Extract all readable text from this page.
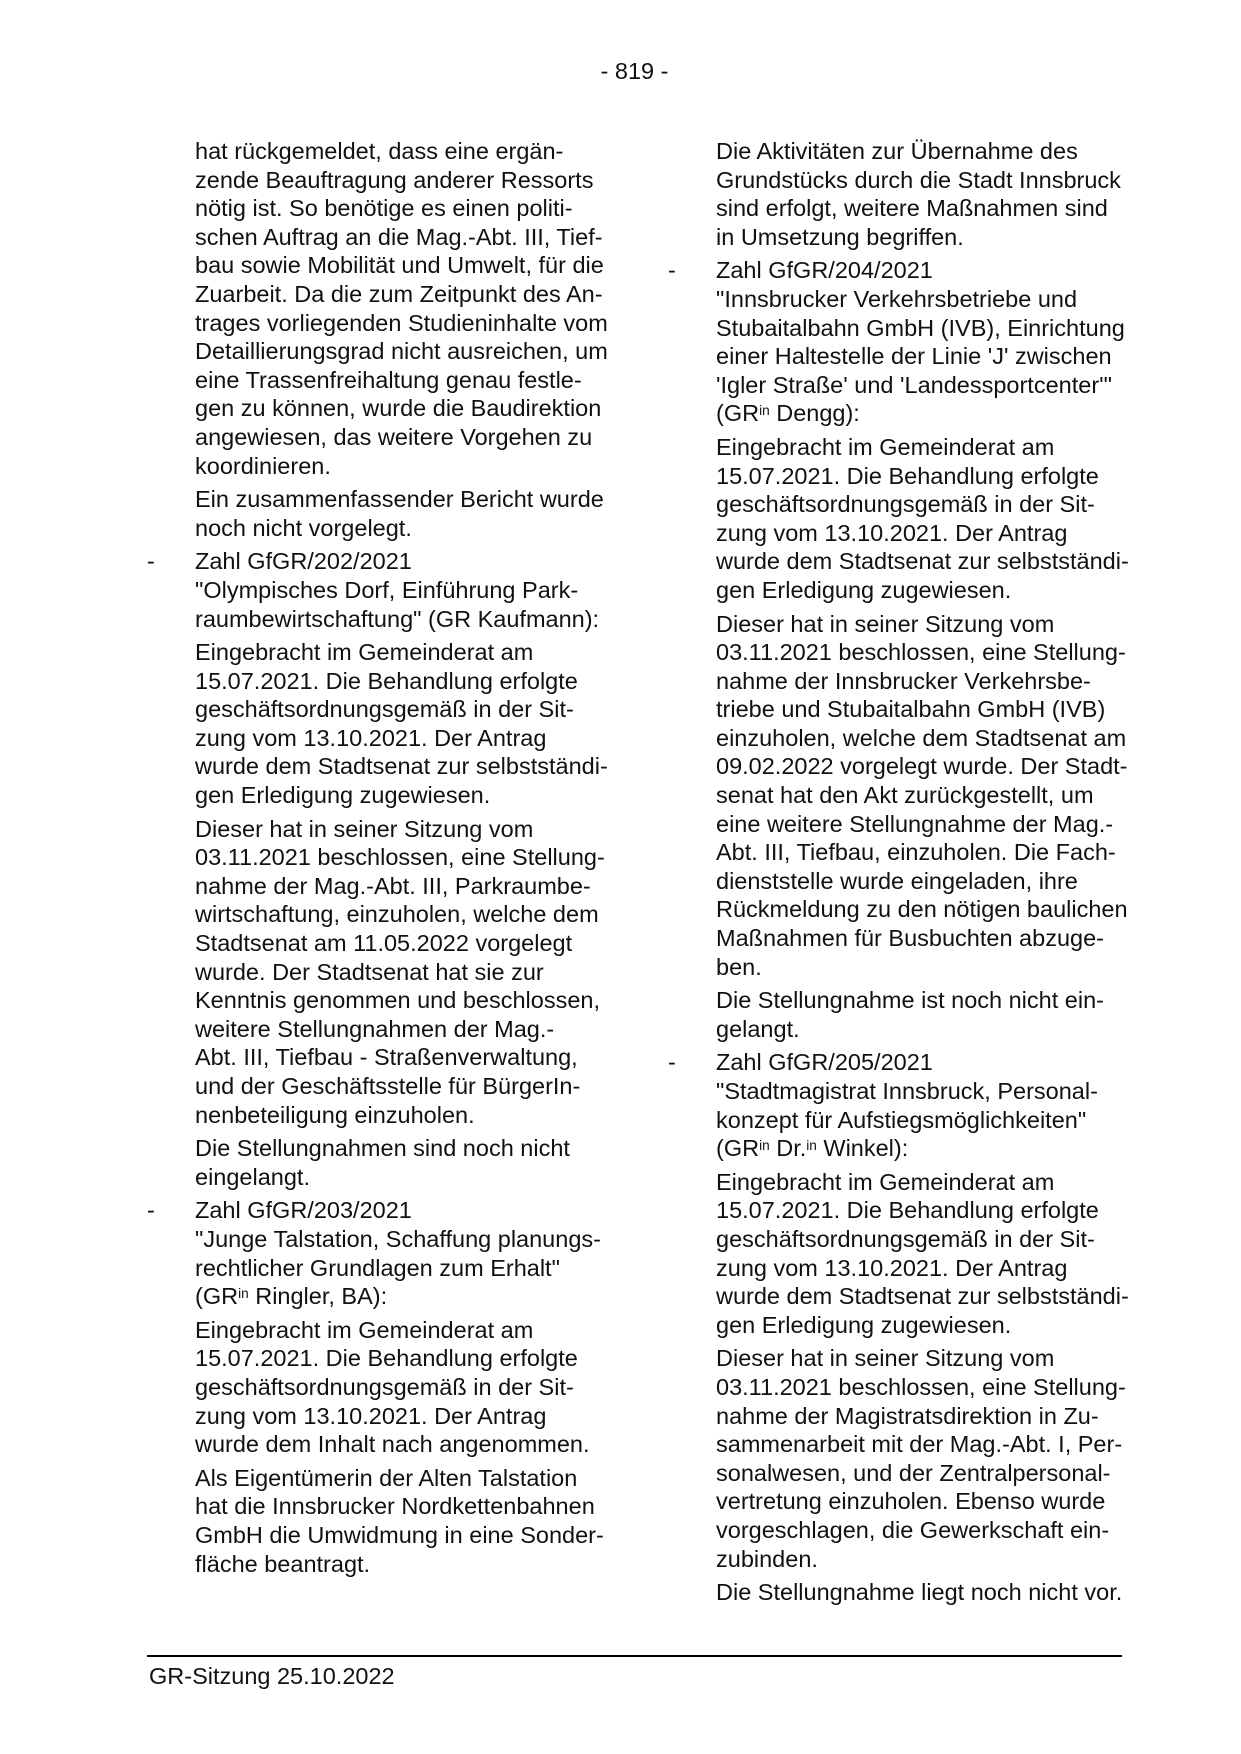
- 819 -
hat rückgemeldet, dass eine ergän-
zende Beauftragung anderer Ressorts
nötig ist. So benötige es einen politi-
schen Auftrag an die Mag.-Abt. III, Tief-
bau sowie Mobilität und Umwelt, für die
Zuarbeit. Da die zum Zeitpunkt des An-
trages vorliegenden Studieninhalte vom
Detaillierungsgrad nicht ausreichen, um
eine Trassenfreihaltung genau festle-
gen zu können, wurde die Baudirektion
angewiesen, das weitere Vorgehen zu
koordinieren.
Ein zusammenfassender Bericht wurde
noch nicht vorgelegt.
- Zahl GfGR/202/2021
"Olympisches Dorf, Einführung Park-
raumbewirtschaftung" (GR Kaufmann):
Eingebracht im Gemeinderat am
15.07.2021. Die Behandlung erfolgte
geschäftsordnungsgemäß in der Sit-
zung vom 13.10.2021. Der Antrag
wurde dem Stadtsenat zur selbstständi-
gen Erledigung zugewiesen.
Dieser hat in seiner Sitzung vom
03.11.2021 beschlossen, eine Stellung-
nahme der Mag.-Abt. III, Parkraumbe-
wirtschaftung, einzuholen, welche dem
Stadtsenat am 11.05.2022 vorgelegt
wurde. Der Stadtsenat hat sie zur
Kenntnis genommen und beschlossen,
weitere Stellungnahmen der Mag.-
Abt. III, Tiefbau - Straßenverwaltung,
und der Geschäftsstelle für BürgerIn-
nenbeteiligung einzuholen.
Die Stellungnahmen sind noch nicht
eingelangt.
- Zahl GfGR/203/2021
"Junge Talstation, Schaffung planungs-
rechtlicher Grundlagen zum Erhalt"
($GR^{in}$ Ringler, BA):
Eingebracht im Gemeinderat am
15.07.2021. Die Behandlung erfolgte
geschäftsordnungsgemäß in der Sit-
zung vom 13.10.2021. Der Antrag
wurde dem Inhalt nach angenommen.
Als Eigentümerin der Alten Talstation
hat die Innsbrucker Nordkettenbahnen
GmbH die Umwidmung in eine Sonder-
fläche beantragt.
Die Aktivitäten zur Übernahme des
Grundstücks durch die Stadt Innsbruck
sind erfolgt, weitere Maßnahmen sind
in Umsetzung begriffen.
- Zahl GfGR/204/2021
"Innsbrucker Verkehrsbetriebe und
Stubaitalbahn GmbH (IVB), Einrichtung
einer Haltestelle der Linie 'J' zwischen
'Igler Straße' und 'Landessportcenter'"
($GR^{in}$ Dengg):
Eingebracht im Gemeinderat am
15.07.2021. Die Behandlung erfolgte
geschäftsordnungsgemäß in der Sit-
zung vom 13.10.2021. Der Antrag
wurde dem Stadtsenat zur selbstständi-
gen Erledigung zugewiesen.
Dieser hat in seiner Sitzung vom
03.11.2021 beschlossen, eine Stellung-
nahme der Innsbrucker Verkehrsbe-
triebe und Stubaitalbahn GmbH (IVB)
einzuholen, welche dem Stadtsenat am
09.02.2022 vorgelegt wurde. Der Stadt-
senat hat den Akt zurückgestellt, um
eine weitere Stellungnahme der Mag.-
Abt. III, Tiefbau, einzuholen. Die Fach-
dienststelle wurde eingeladen, ihre
Rückmeldung zu den nötigen baulichen
Maßnahmen für Busbuchten abzuge-
ben.
Die Stellungnahme ist noch nicht ein-
gelangt.
- Zahl GfGR/205/2021
"Stadtmagistrat Innsbruck, Personal-
konzept für Aufstiegsmöglichkeiten"
($GR^{in}$ Dr.$^{in}$ Winkel):
Eingebracht im Gemeinderat am
15.07.2021. Die Behandlung erfolgte
geschäftsordnungsgemäß in der Sit-
zung vom 13.10.2021. Der Antrag
wurde dem Stadtsenat zur selbstständi-
gen Erledigung zugewiesen.
Dieser hat in seiner Sitzung vom
03.11.2021 beschlossen, eine Stellung-
nahme der Magistratsdirektion in Zu-
sammenarbeit mit der Mag.-Abt. I, Per-
sonalwesen, und der Zentralpersonal-
vertretung einzuholen. Ebenso wurde
vorgeschlagen, die Gewerkschaft ein-
zubinden.
Die Stellungnahme liegt noch nicht vor.
GR-Sitzung 25.10.2022
